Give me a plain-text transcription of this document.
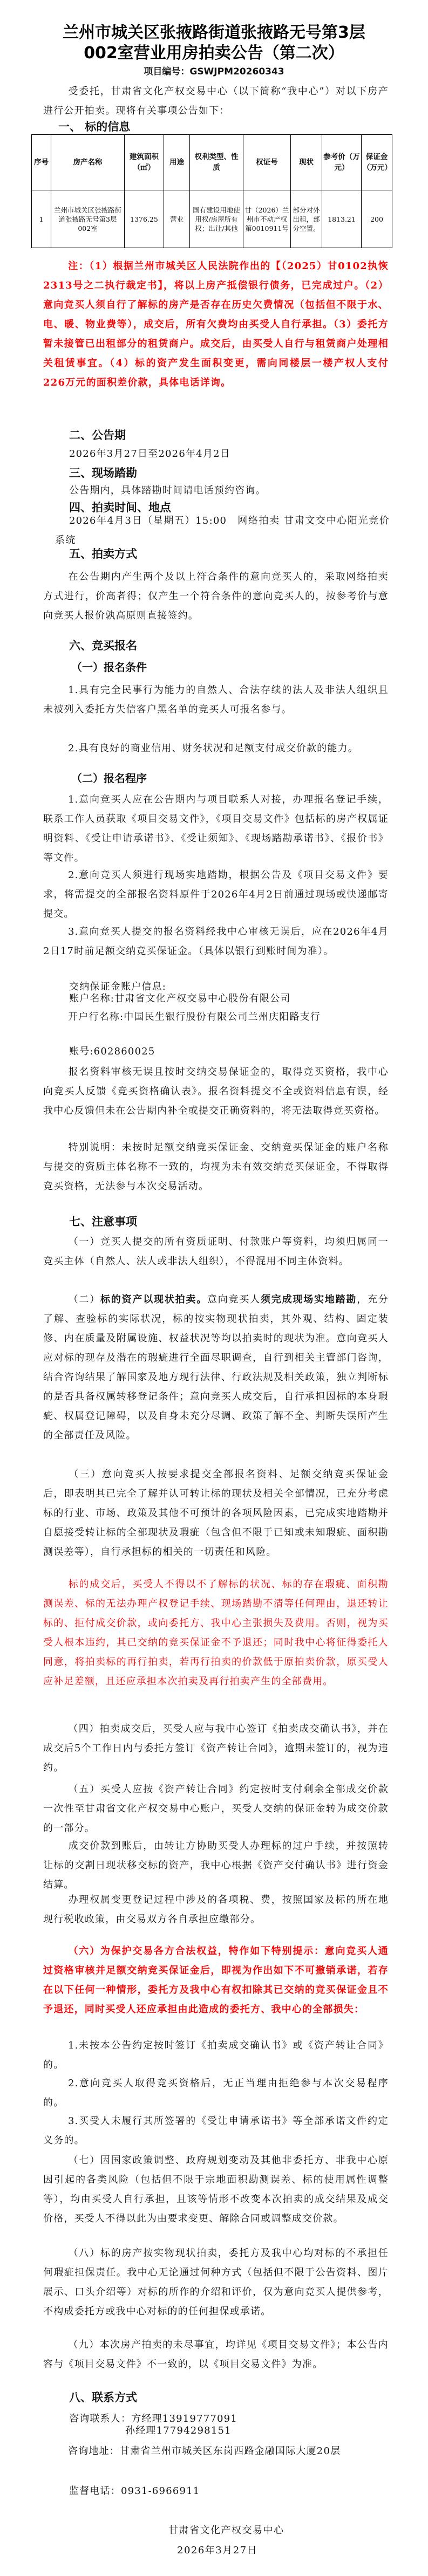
兰州市城关区张掖路街道张掖路无号第3层
002室营业用房拍卖公告（第二次）
项目编号：GSWJPM20260343
受委托，甘肃省文化产权交易中心（以下简称“我中心”）对以下房产进行公开拍卖。现将有关事项公告如下：
一、 标的信息
序号	房产名称	建筑面积（㎡）	用途	权利类型、性质	权证号	现状	参考价（万元）	保证金（万元）
1	兰州市城关区张掖路街道张掖路无号第3层002室	1376.25	营业	国有建设用地使用权/房屋所有权；出让/其他	甘（2026）兰州市不动产权第0010911号	部分对外出租，部分空置。	1813.21	200
注：（1）根据兰州市城关区人民法院作出的【（2025）甘0102执恢2313号之二执行裁定书】，将以上房产抵偿银行债务，已完成过户。（2）意向竞买人须自行了解标的房产是否存在历史欠费情况（包括但不限于水、电、暖、物业费等），成交后，所有欠费均由买受人自行承担。（3）委托方暂未接管已出租部分的租赁商户。成交后，由买受人自行与租赁商户处理相关租赁事宜。（4）标的资产发生面积变更，需向同楼层一楼产权人支付226万元的面积差价款，具体电话详询。
二、公告期
2026年3月27日至2026年4月2日
三、现场踏勘
公告期内，具体踏勘时间请电话预约咨询。
四、拍卖时间、地点
2026年4月3日（星期五）15:00　网络拍卖 甘肃文交中心阳光竞价系统
五、拍卖方式
在公告期内产生两个及以上符合条件的意向竞买人的，采取网络拍卖方式进行，价高者得；仅产生一个符合条件的意向竞买人的，按参考价与意向竞买人报价孰高原则直接签约。
六、竞买报名
（一）报名条件
1.具有完全民事行为能力的自然人、合法存续的法人及非法人组织且未被列入委托方失信客户黑名单的竞买人可报名参与。
2.具有良好的商业信用、财务状况和足额支付成交价款的能力。
（二）报名程序
1.意向竞买人应在公告期内与项目联系人对接，办理报名登记手续，联系工作人员获取《项目交易文件》，《项目交易文件》包括标的房产权属证明资料、《受让申请承诺书》、《受让须知》、《现场踏勘承诺书》、《报价书》等文件。
2.意向竞买人须进行现场实地踏勘，根据公告及《项目交易文件》要求，将需提交的全部报名资料原件于2026年4月2日前通过现场或快递邮寄提交。
3.意向竞买人提交的报名资料经我中心审核无误后，应在2026年4月2日17时前足额交纳竞买保证金。（具体以银行到账时间为准）。
交纳保证金账户信息:
账户名称:甘肃省文化产权交易中心股份有限公司
开户行名称:中国民生银行股份有限公司兰州庆阳路支行
账号:602860025
报名资料审核无误且按时交纳交易保证金的，取得竞买资格，我中心向竞买人反馈《竞买资格确认表》。报名资料提交不全或资料信息有误，经我中心反馈但未在公告期内补全或提交正确资料的，将无法取得竞买资格。
特别说明：未按时足额交纳竞买保证金、交纳竞买保证金的账户名称与提交的资质主体名称不一致的，均视为未有效交纳竞买保证金，不得取得竞买资格，无法参与本次交易活动。
七、注意事项
（一）竞买人提交的所有资质证明、付款账户等资料，均须归属同一竞买主体（自然人、法人或非法人组织），不得混用不同主体资料。
（二）标的资产以现状拍卖。意向竞买人须完成现场实地踏勘，充分了解、查验标的实际状况，标的按实物现状拍卖，其外观、结构、固定装修、内在质量及附属设施、权益状况等均以拍卖时的现状为准。意向竞买人应对标的现存及潜在的瑕疵进行全面尽职调查，自行到相关主管部门咨询，结合咨询结果了解国家及地方现行法律、行政法规及相关政策，独立判断标的是否具备权属转移登记条件；意向竞买人成交后，自行承担因标的本身瑕疵、权属登记障碍，以及自身未充分尽调、政策了解不全、判断失误所产生的全部责任及风险。
（三）意向竞买人按要求提交全部报名资料、足额交纳竞买保证金后，即表明其已完全了解并认可转让标的现状及相关全部情况，已充分考虑标的行业、市场、政策及其他不可预计的各项风险因素，已完成实地踏勘并自愿接受转让标的全部现状及瑕疵（包含但不限于已知或未知瑕疵、面积勘测误差等），自行承担标的相关的一切责任和风险。
标的成交后，买受人不得以不了解标的状况、标的存在瑕疵、面积勘测误差、标的无法办理产权登记手续、现场踏勘不清等任何理由，退还转让标的、拒付成交价款，或向委托方、我中心主张损失及费用。否则，视为买受人根本违约，其已交纳的竞买保证金不予退还；同时我中心将征得委托人同意，将拍卖标的再行拍卖，若再行拍卖的价款低于原拍卖价款，原买受人应补足差额，且还应承担本次拍卖及再行拍卖产生的全部费用。
（四）拍卖成交后，买受人应与我中心签订《拍卖成交确认书》，并在成交后5个工作日内与委托方签订《资产转让合同》，逾期未签订的，视为违约。
（五）买受人应按《资产转让合同》约定按时支付剩余全部成交价款一次性至甘肃省文化产权交易中心账户，买受人交纳的保证金转为成交价款的一部分。
成交价款到账后，由转让方协助买受人办理标的过户手续，并按照转让标的交割日现状移交标的资产，我中心根据《资产交付确认书》进行资金结算。
办理权属变更登记过程中涉及的各项税、费，按照国家及标的所在地现行税收政策，由交易双方各自承担应缴部分。
（六）为保护交易各方合法权益，特作如下特别提示：意向竞买人通过资格审核并足额交纳竞买保证金后，即视为作出如下不可撤销承诺，若存在以下任何一种情形，委托方及我中心有权扣除其已交纳的竞买保证金且不予退还，同时买受人还应承担由此造成的委托方、我中心的全部损失：
1.未按本公告约定按时签订《拍卖成交确认书》或《资产转让合同》的。
2.意向竞买人取得竞买资格后，无正当理由拒绝参与本次交易程序的。
3.买受人未履行其所签署的《受让申请承诺书》等全部承诺文件约定义务的。
（七）因国家政策调整、政府规划变动及其他非委托方、非我中心原因引起的各类风险（包括但不限于宗地面积勘测误差、标的使用属性调整等），均由买受人自行承担，且该等情形不改变本次拍卖的成交结果及成交价格，买受人不得以此为由要求变更、解除合同或调整成交价款。
（八）标的房产按实物现状拍卖，委托方及我中心均对标的不承担任何瑕疵担保责任。我中心无论通过何种方式（包括但不限于公告资料、图片展示、口头介绍等）对标的所作的介绍和评价，仅为意向竞买人提供参考，不构成委托方或我中心对标的的任何担保或承诺。
（九）本次房产拍卖的未尽事宜，均详见《项目交易文件》；本公告内容与《项目交易文件》不一致的，以《项目交易文件》为准。
八、联系方式
咨询联系人：方经理13919777091
孙经理17794298151
咨询地址：甘肃省兰州市城关区东岗西路金融国际大厦20层
监督电话：0931-6966911
甘肃省文化产权交易中心
2026年3月27日
